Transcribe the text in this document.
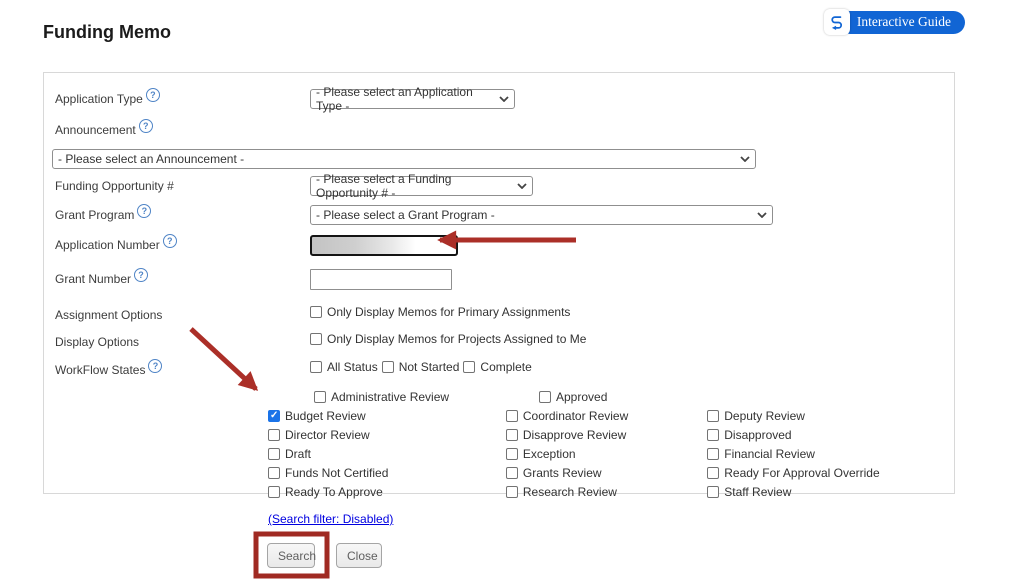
Funding Memo
Interactive Guide
Application Type ?	- Please select an Application Type -
Announcement ?
- Please select an Announcement -
Funding Opportunity #	- Please select a Funding Opportunity # -
Grant Program ?	- Please select a Grant Program -
Application Number ?
Grant Number ?
Assignment Options	Only Display Memos for Primary Assignments
Display Options	Only Display Memos for Projects Assigned to Me
WorkFlow States ?	All Status Not Started Complete
Administrative Review	Approved
✓
Budget Review	Coordinator Review	Deputy Review
Director Review	Disapprove Review	Disapproved
Draft	Exception	Financial Review
Funds Not Certified	Grants Review	Ready For Approval Override
Ready To Approve	Research Review	Staff Review
(Search filter: Disabled)
Search	Close
